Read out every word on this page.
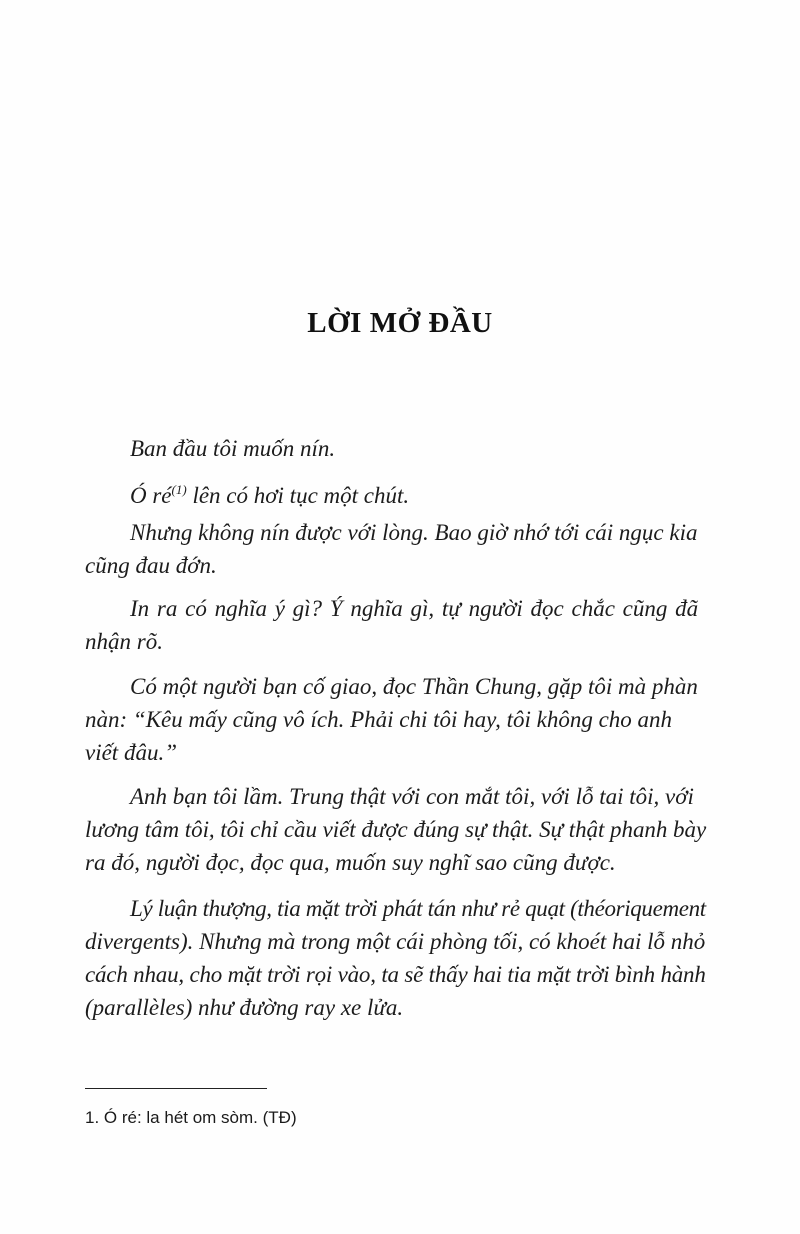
LỜI MỞ ĐẦU
Ban đầu tôi muốn nín.
Ó ré$^{(1)}$ lên có hơi tục một chút.
Nhưng không nín được với lòng. Bao giờ nhớ tới cái ngục kia
cũng đau đớn.
In ra có nghĩa ý gì? Ý nghĩa gì, tự người đọc chắc cũng đã
nhận rõ.
Có một người bạn cố giao, đọc Thần Chung, gặp tôi mà phàn
nàn: “Kêu mấy cũng vô ích. Phải chi tôi hay, tôi không cho anh
viết đâu.”
Anh bạn tôi lầm. Trung thật với con mắt tôi, với lỗ tai tôi, với
lương tâm tôi, tôi chỉ cầu viết được đúng sự thật. Sự thật phanh bày
ra đó, người đọc, đọc qua, muốn suy nghĩ sao cũng được.
Lý luận thượng, tia mặt trời phát tán như rẻ quạt (théoriquement
divergents). Nhưng mà trong một cái phòng tối, có khoét hai lỗ nhỏ
cách nhau, cho mặt trời rọi vào, ta sẽ thấy hai tia mặt trời bình hành
(parallèles) như đường ray xe lửa.
1. Ó ré: la hét om sòm. (TĐ)
